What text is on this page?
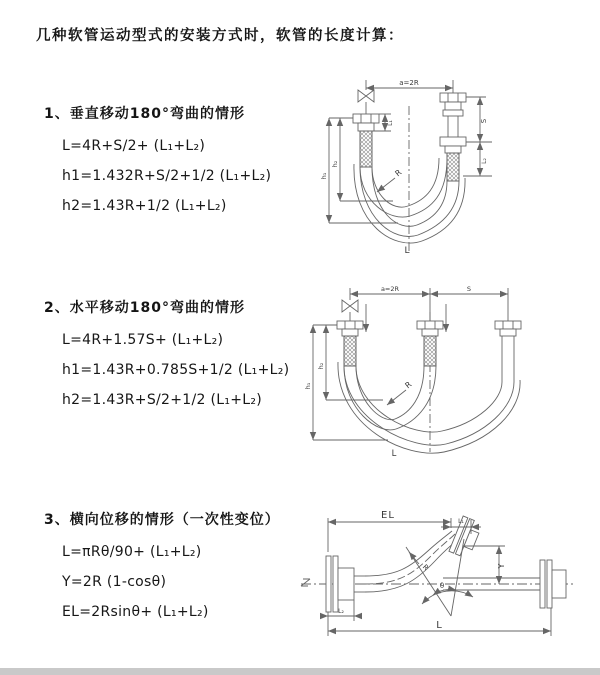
几种软管运动型式的安装方式时，软管的长度计算：
1、垂直移动180°弯曲的情形
L=4R+S/2+ (L₁+L₂)
h1=1.432R+S/2+1/2 (L₁+L₂)
h2=1.43R+1/2 (L₁+L₂)
a=2R
S
L₂
L₁
h₁
h₂
R
L
2、水平移动180°弯曲的情形
L=4R+1.57S+ (L₁+L₂)
h1=1.43R+0.785S+1/2 (L₁+L₂)
h2=1.43R+S/2+1/2 (L₁+L₂)
a=2R	S
h₁
h₂
R
L
3、横向位移的情形（一次性变位）
L=πRθ/90+ (L₁+L₂)
Y=2R (1-cosθ)
EL=2Rsinθ+ (L₁+L₂)
EL
L₁
R	Y
θ
L
L₂
